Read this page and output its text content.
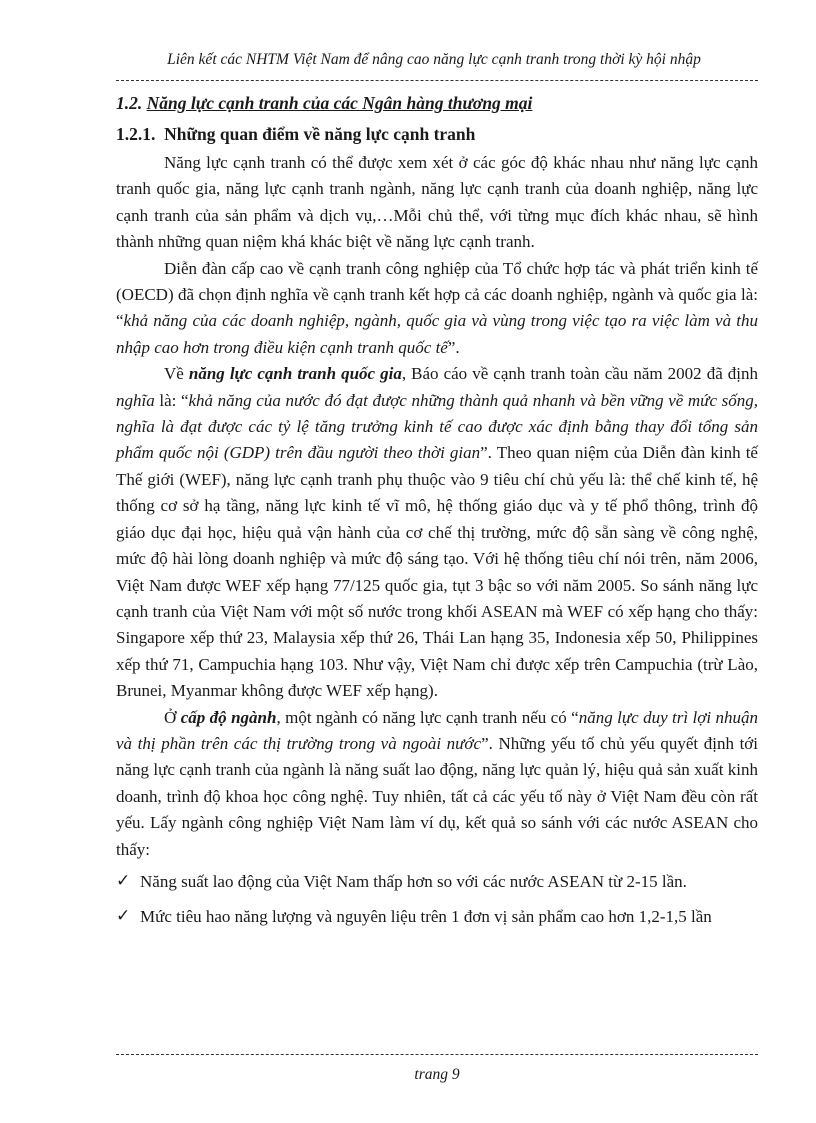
Liên kết các NHTM Việt Nam để nâng cao năng lực cạnh tranh trong thời kỳ hội nhập
1.2. Năng lực cạnh tranh của các Ngân hàng thương mại
1.2.1. Những quan điểm về năng lực cạnh tranh

Năng lực cạnh tranh có thể được xem xét ở các góc độ khác nhau như năng lực cạnh tranh quốc gia, năng lực cạnh tranh ngành, năng lực cạnh tranh của doanh nghiệp, năng lực cạnh tranh của sản phẩm và dịch vụ,…Mỗi chủ thể, với từng mục đích khác nhau, sẽ hình thành những quan niệm khá khác biệt về năng lực cạnh tranh.

Diễn đàn cấp cao về cạnh tranh công nghiệp của Tổ chức hợp tác và phát triển kinh tế (OECD) đã chọn định nghĩa về cạnh tranh kết hợp cả các doanh nghiệp, ngành và quốc gia là: “khả năng của các doanh nghiệp, ngành, quốc gia và vùng trong việc tạo ra việc làm và thu nhập cao hơn trong điều kiện cạnh tranh quốc tế”.

Về năng lực cạnh tranh quốc gia, Báo cáo về cạnh tranh toàn cầu năm 2002 đã định nghĩa là: “khả năng của nước đó đạt được những thành quả nhanh và bền vững về mức sống, nghĩa là đạt được các tỷ lệ tăng trưởng kinh tế cao được xác định bằng thay đổi tổng sản phẩm quốc nội (GDP) trên đầu người theo thời gian”. Theo quan niệm của Diễn đàn kinh tế Thế giới (WEF), năng lực cạnh tranh phụ thuộc vào 9 tiêu chí chủ yếu là: thể chế kinh tế, hệ thống cơ sở hạ tầng, năng lực kinh tế vĩ mô, hệ thống giáo dục và y tế phổ thông, trình độ giáo dục đại học, hiệu quả vận hành của cơ chế thị trường, mức độ sẵn sàng về công nghệ, mức độ hài lòng doanh nghiệp và mức độ sáng tạo. Với hệ thống tiêu chí nói trên, năm 2006, Việt Nam được WEF xếp hạng 77/125 quốc gia, tụt 3 bậc so với năm 2005. So sánh năng lực cạnh tranh của Việt Nam với một số nước trong khối ASEAN mà WEF có xếp hạng cho thấy: Singapore xếp thứ 23, Malaysia xếp thứ 26, Thái Lan hạng 35, Indonesia xếp 50, Philippines xếp thứ 71, Campuchia hạng 103. Như vậy, Việt Nam chỉ được xếp trên Campuchia (trừ Lào, Brunei, Myanmar không được WEF xếp hạng).

Ở cấp độ ngành, một ngành có năng lực cạnh tranh nếu có “năng lực duy trì lợi nhuận và thị phần trên các thị trường trong và ngoài nước”. Những yếu tố chủ yếu quyết định tới năng lực cạnh tranh của ngành là năng suất lao động, năng lực quản lý, hiệu quả sản xuất kinh doanh, trình độ khoa học công nghệ. Tuy nhiên, tất cả các yếu tố này ở Việt Nam đều còn rất yếu. Lấy ngành công nghiệp Việt Nam làm ví dụ, kết quả so sánh với các nước ASEAN cho thấy:

✓ Năng suất lao động của Việt Nam thấp hơn so với các nước ASEAN từ 2-15 lần.
✓ Mức tiêu hao năng lượng và nguyên liệu trên 1 đơn vị sản phẩm cao hơn 1,2-1,5 lần
trang 9
